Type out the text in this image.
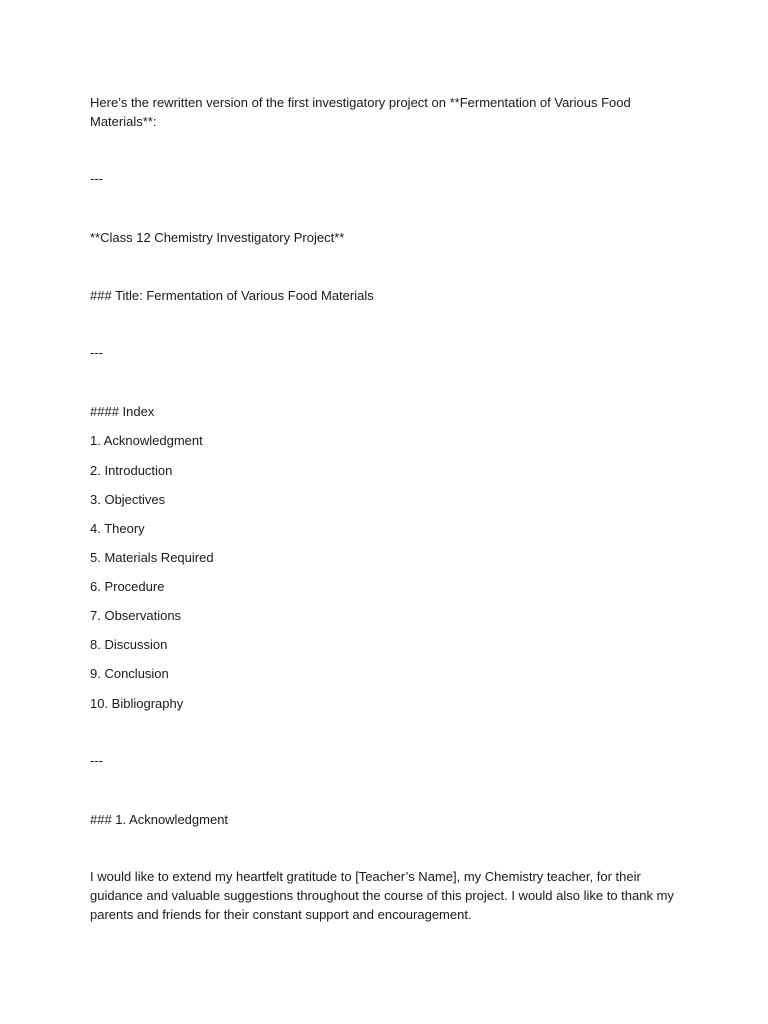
Here’s the rewritten version of the first investigatory project on **Fermentation of Various Food
Materials**:
---
**Class 12 Chemistry Investigatory Project**
### Title: Fermentation of Various Food Materials
---
#### Index
1. Acknowledgment
2. Introduction
3. Objectives
4. Theory
5. Materials Required
6. Procedure
7. Observations
8. Discussion
9. Conclusion
10. Bibliography
---
### 1. Acknowledgment
I would like to extend my heartfelt gratitude to [Teacher’s Name], my Chemistry teacher, for their
guidance and valuable suggestions throughout the course of this project. I would also like to thank my
parents and friends for their constant support and encouragement.
